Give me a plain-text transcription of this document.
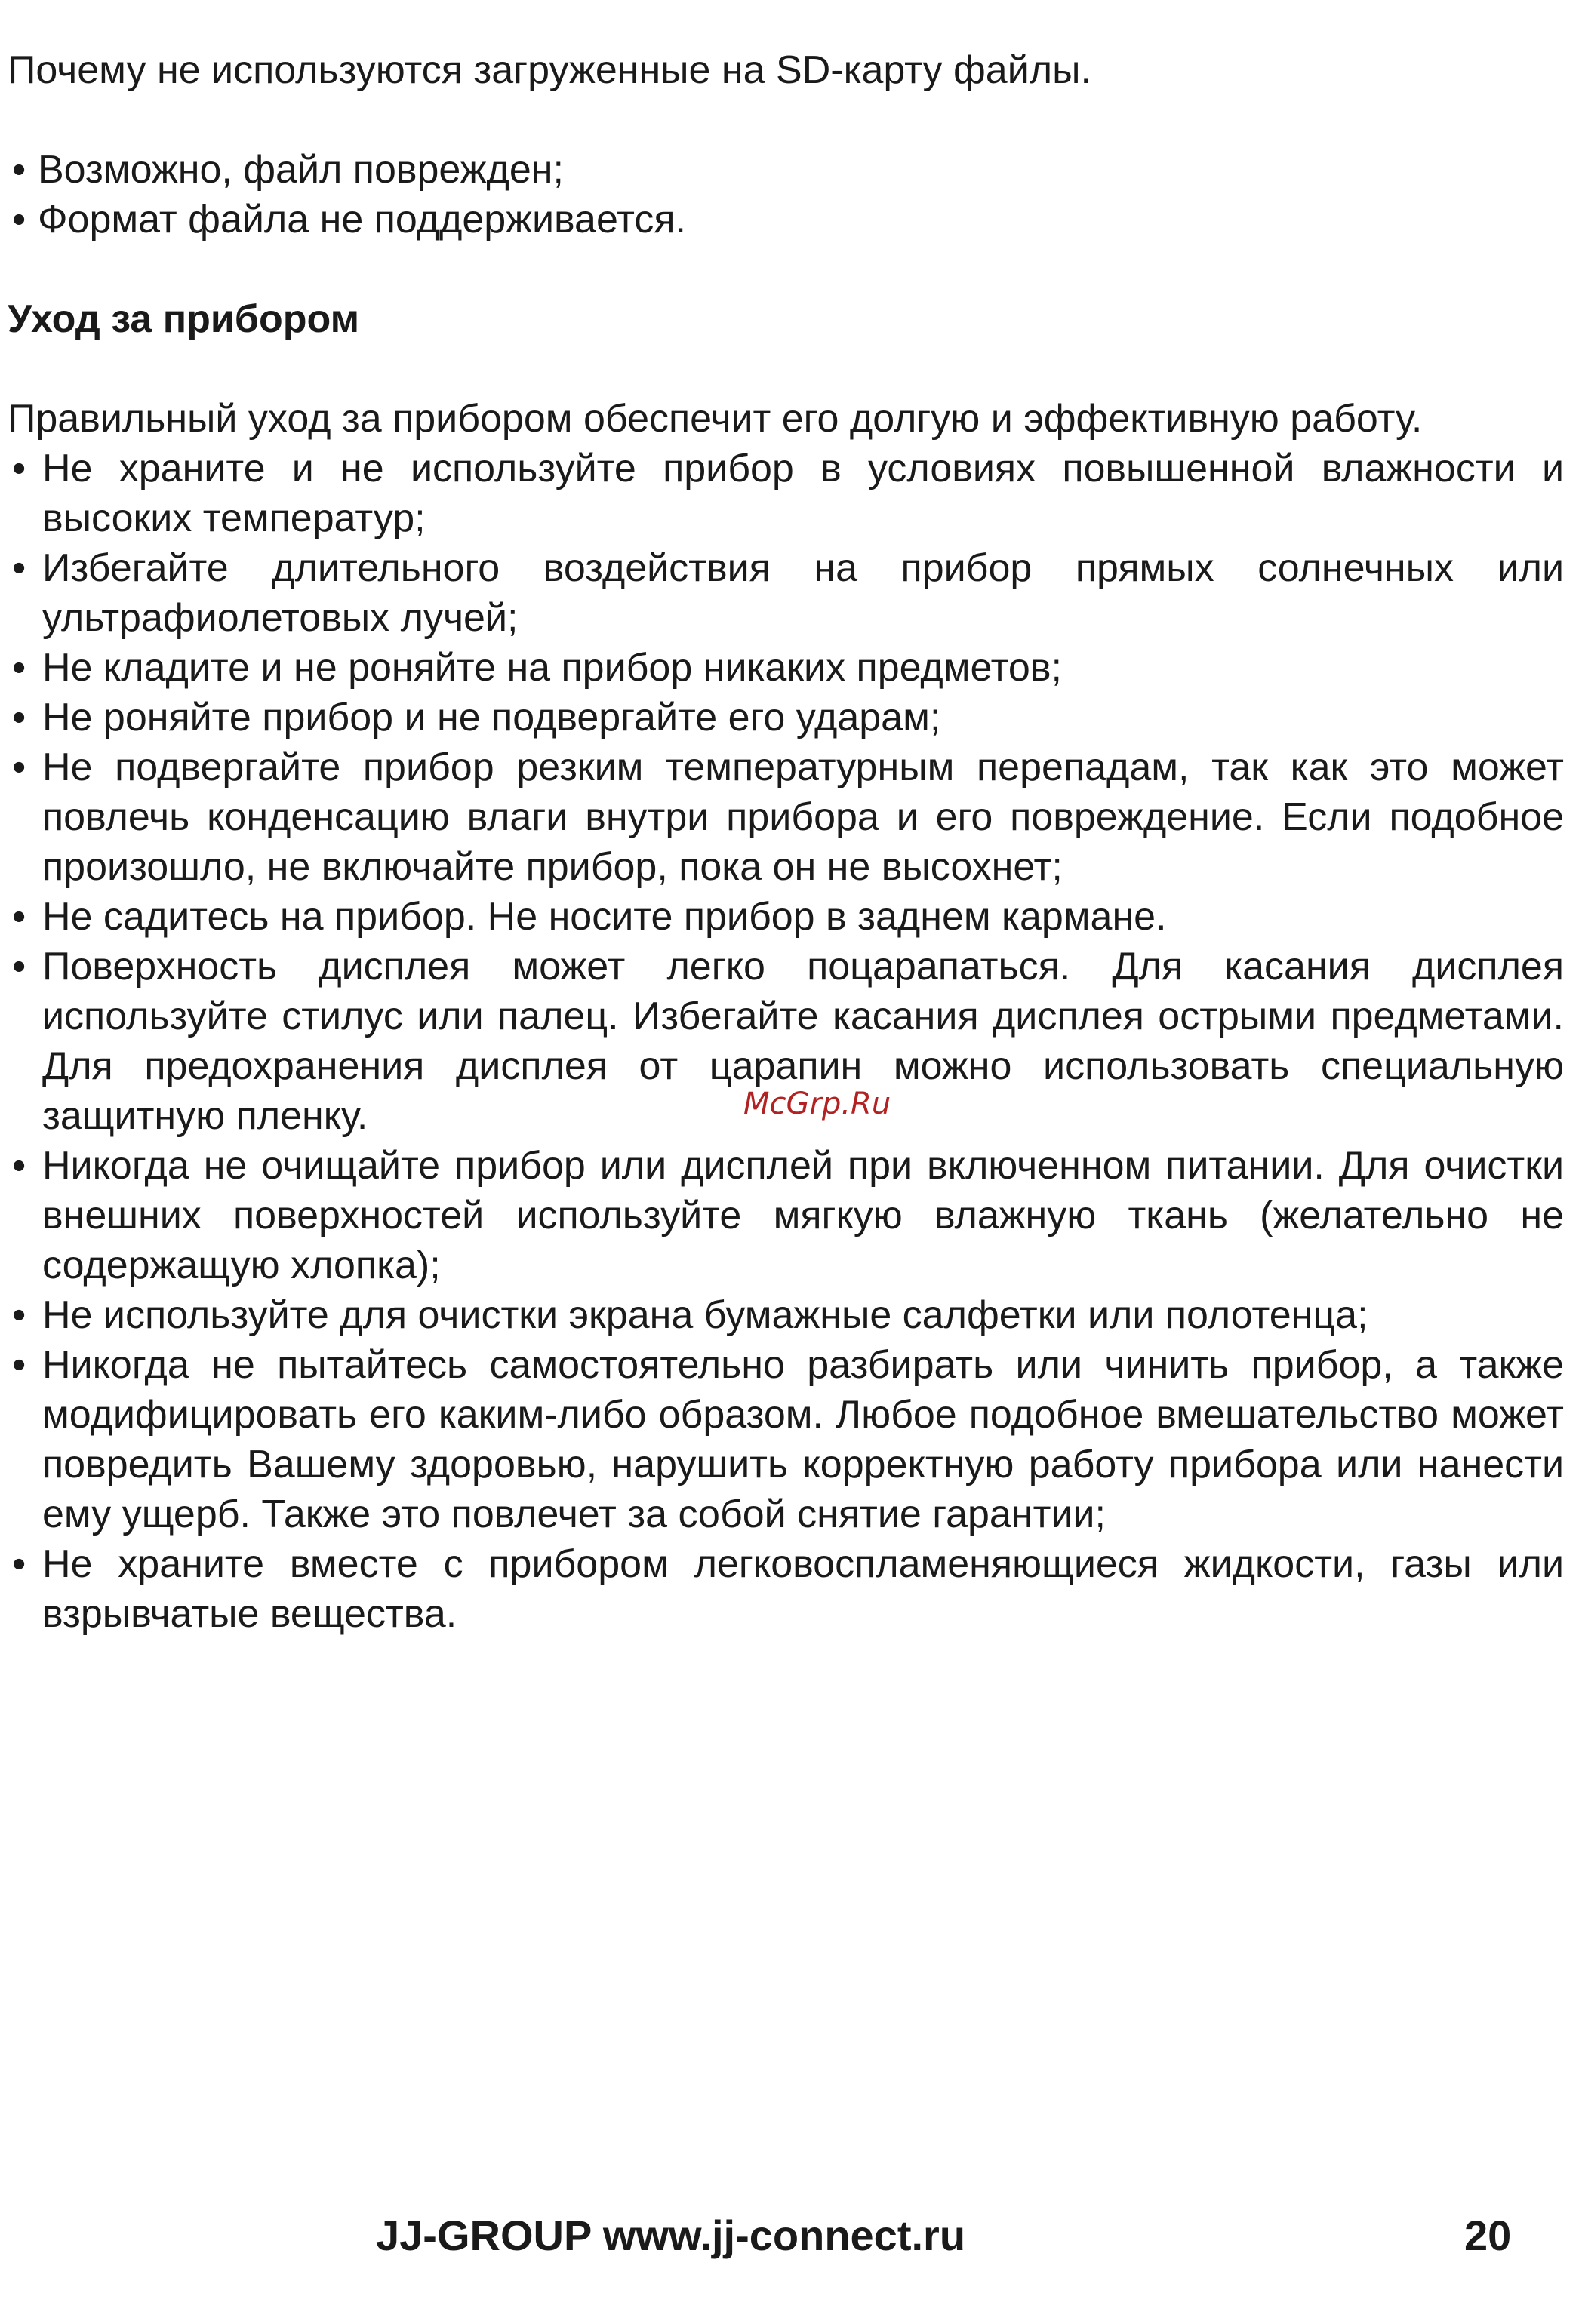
Почему не используются загруженные на SD-карту файлы.

• Возможно, файл поврежден;
• Формат файла не поддерживается.
Уход за прибором

Правильный уход за прибором обеспечит его долгую и эффективную работу.

• Не храните и не используйте прибор в условиях повышенной влажности и высоких температур;
• Избегайте длительного воздействия на прибор прямых солнечных или ультрафиолетовых лучей;
• Не кладите и не роняйте на прибор никаких предметов;
• Не роняйте прибор и не подвергайте его ударам;
• Не подвергайте прибор резким температурным перепадам, так как это может повлечь конденсацию влаги внутри прибора и его повреждение. Если подобное произошло, не включайте прибор, пока он не высохнет;
• Не садитесь на прибор. Не носите прибор в заднем кармане.
• Поверхность дисплея может легко поцарапаться. Для касания дисплея используйте стилус или палец. Избегайте касания дисплея острыми предметами. Для предохранения дисплея от царапин можно использовать специальную защитную пленку.
• Никогда не очищайте прибор или дисплей при включенном питании. Для очистки внешних поверхностей используйте мягкую влажную ткань (желательно не содержащую хлопка);
• Не используйте для очистки экрана бумажные салфетки или полотенца;
• Никогда не пытайтесь самостоятельно разбирать или чинить прибор, а также модифицировать его каким-либо образом. Любое подобное вмешательство может повредить Вашему здоровью, нарушить корректную работу прибора или нанести ему ущерб. Также это повлечет за собой снятие гарантии;
• Не храните вместе с прибором легковоспламеняющиеся жидкости, газы или взрывчатые вещества.
McGrp.Ru
JJ-GROUP www.jj-connect.ru	20
